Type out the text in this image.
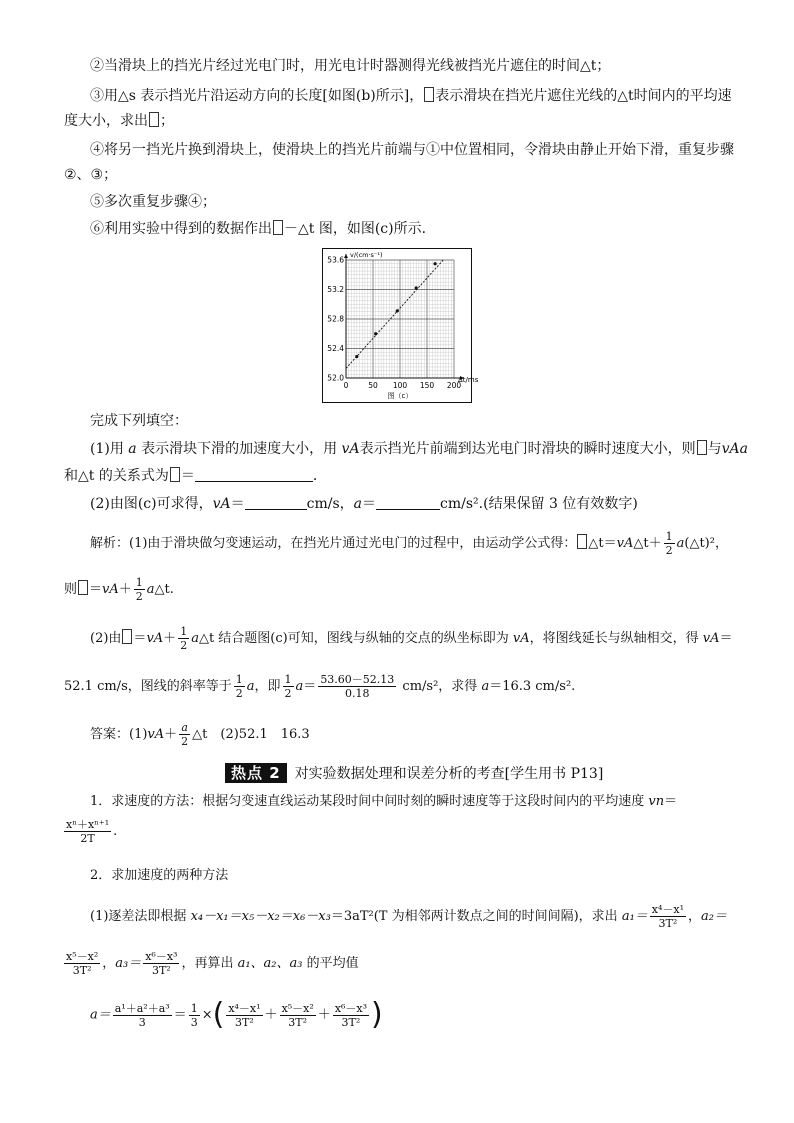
②当滑块上的挡光片经过光电门时，用光电计时器测得光线被挡光片遮住的时间△t；
③用△s 表示挡光片沿运动方向的长度[如图(b)所示]， 表示滑块在挡光片遮住光线的△t时间内的平均速
度大小，求出 ；
④将另一挡光片换到滑块上，使滑块上的挡光片前端与①中位置相同，令滑块由静止开始下滑，重复步骤
②、③；
⑤多次重复步骤④；
⑥利用实验中得到的数据作出 －△t 图，如图(c)所示．
0	50 100 150 200
52.0
52.4
52.8
53.2
53.6
Δt/ms
v/(cm·s⁻¹)
图（c）
完成下列填空：
(1)用 a 表示滑块下滑的加速度大小，用 vA表示挡光片前端到达光电门时滑块的瞬时速度大小，则 与vAa
和△t 的关系式为 ＝	．
(2)由图(c)可求得，vA＝	cm/s，a＝	cm/s².(结果保留 3 位有效数字)
解析：(1)由于滑块做匀变速运动，在挡光片通过光电门的过程中，由运动学公式得： △t＝vA△t＋ $\frac{1}{2}$ a(△t)²，
则 $=vA+ \frac{1}{2}$ a△t.
(2)由 $=vA+ \frac{1}{2}$ a△t 结合题图(c)可知，图线与纵轴的交点的纵坐标即为 vA，将图线延长与纵轴相交，得 vA＝
52.1 cm/s，图线的斜率等于 $\frac{1}{2}$ a，即 $\frac{1}{2} a= \frac{53.60-52.13}{0.18} cm/s^2$，求得 a＝16.3 cm/s².
答案：$(1)vA+ \frac{a}{2}$ △t　(2)52.1　16.3
热点 2 对实验数据处理和误差分析的考查[学生用书 P13]
1．求速度的方法：根据匀变速直线运动某段时间中间时刻的瞬时速度等于这段时间内的平均速度 vn＝
$\frac{\text{xⁿ＋xⁿ⁺¹}}{2T}$ .
2．求加速度的两种方法
(1)逐差法即根据 x₄－x₁＝x₅－x₂＝x₆－x₃＝3aT²(T 为相邻两计数点之间的时间间隔)，求出 $a_1= \frac{\text{x⁴－x¹}}{\text{3T²}}$ ，a₂＝
$\frac{\text{x⁵－x²}}{\text{3T²}}$ ，$a_3= \frac{\text{x⁶－x³}}{\text{3T²}}$ ，再算出 a₁、a₂、a₃ 的平均值
$a= \frac{\text{a¹＋a²＋a³}}{3} = \frac{1}{3}$ ×( $\frac{\text{x⁴－x¹}}{\text{3T²}} + \frac{\text{x⁵－x²}}{\text{3T²}} + \frac{\text{x⁶－x³}}{\text{3T²}}$ )
